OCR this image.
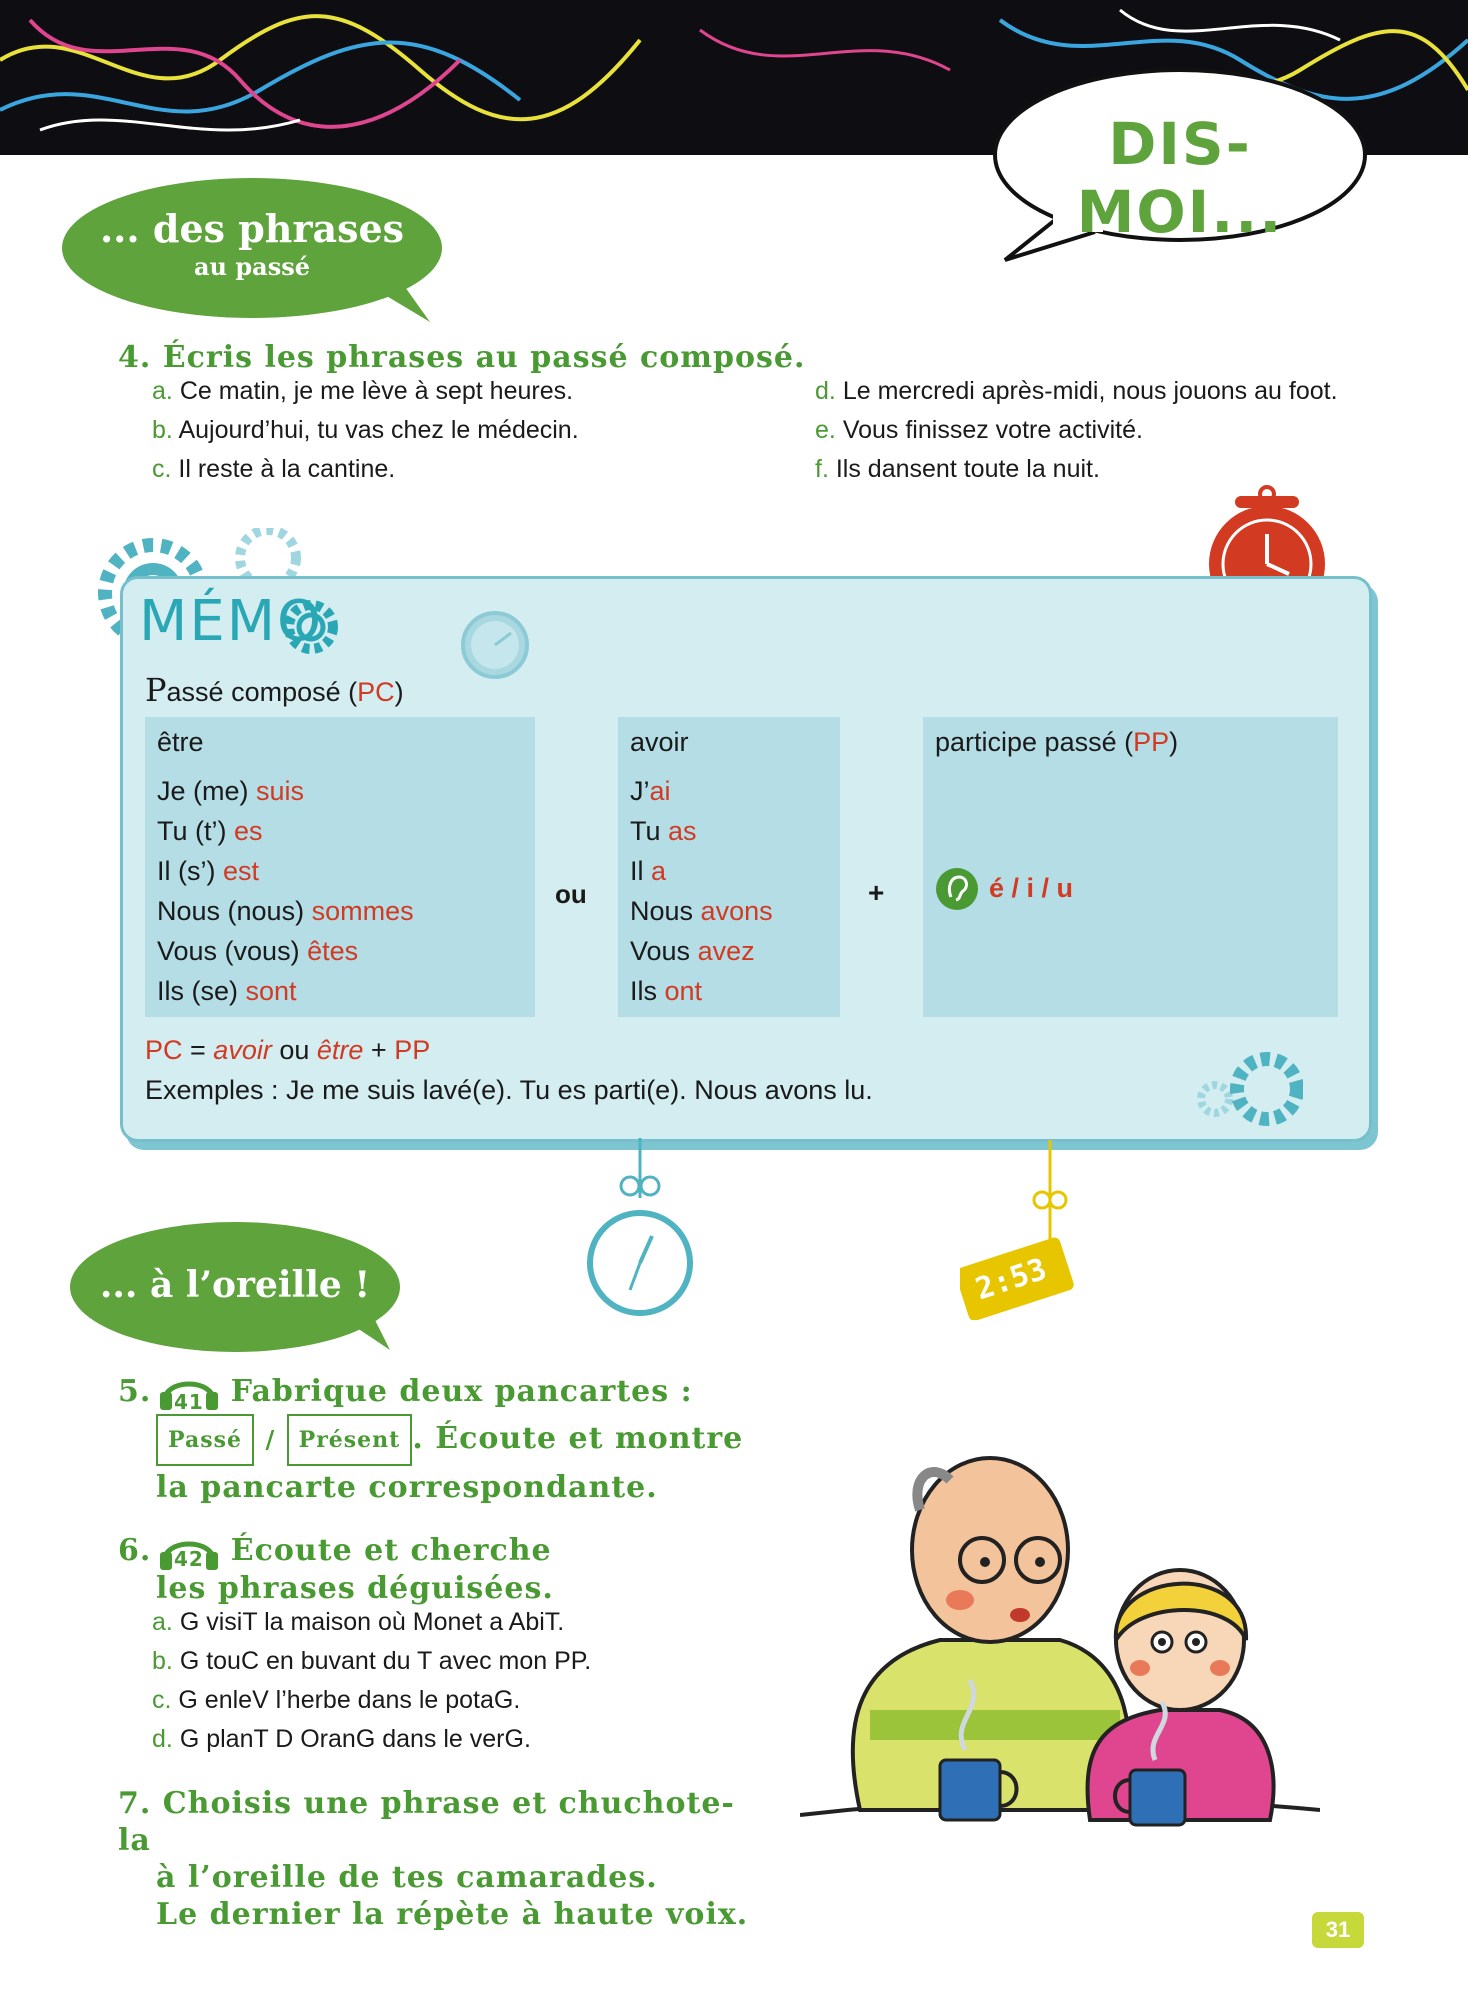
DIS-MOI...
... des phrases
au passé
4. Écris les phrases au passé composé.
a. Ce matin, je me lève à sept heures.
b. Aujourd’hui, tu vas chez le médecin.
c. Il reste à la cantine.
d. Le mercredi après-midi, nous jouons au foot.
e. Vous finissez votre activité.
f. Ils dansent toute la nuit.
MÉMO
Passé composé (PC)
être
Je (me) suis
Tu (t’) es
Il (s’) est
Nous (nous) sommes
Vous (vous) êtes
Ils (se) sont
ou
avoir
J’ai
Tu as
Il a
Nous avons
Vous avez
Ils ont
+
participe passé (PP)
é / i / u
PC = avoir ou être + PP
Exemples : Je me suis lavé(e). Tu es parti(e). Nous avons lu.
2:53
... à l’oreille !
5. 41 Fabrique deux pancartes :
Passé / Présent . Écoute et montre
la pancarte correspondante.
6. 42 Écoute et cherche
les phrases déguisées.
a. G visiT la maison où Monet a AbiT.
b. G touC en buvant du T avec mon PP.
c. G enleV l’herbe dans le potaG.
d. G planT D OranG dans le verG.
7. Choisis une phrase et chuchote-la
à l’oreille de tes camarades.
Le dernier la répète à haute voix.	31
